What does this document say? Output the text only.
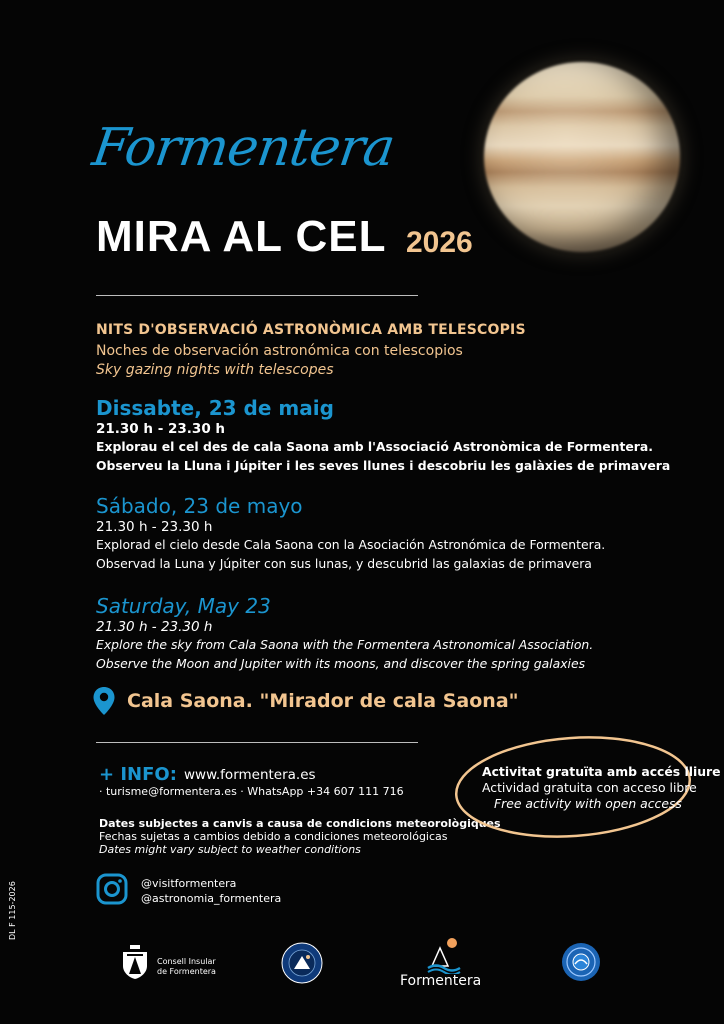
Formentera
MIRA AL CEL 2026
NITS D'OBSERVACIÓ ASTRONÒMICA AMB TELESCOPIS
Noches de observación astronómica con telescopios
Sky gazing nights with telescopes
Dissabte, 23 de maig
21.30 h - 23.30 h
Explorau el cel des de cala Saona amb l'Associació Astronòmica de Formentera.
Observeu la Lluna i Júpiter i les seves llunes i descobriu les galàxies de primavera
Sábado, 23 de mayo
21.30 h - 23.30 h
Explorad el cielo desde Cala Saona con la Asociación Astronómica de Formentera.
Observad la Luna y Júpiter con sus lunas, y descubrid las galaxias de primavera
Saturday, May 23
21.30 h - 23.30 h
Explore the sky from Cala Saona with the Formentera Astronomical Association.
Observe the Moon and Jupiter with its moons, and discover the spring galaxies
Cala Saona. "Mirador de cala Saona"
+ INFO: www.formentera.es
· turisme@formentera.es · WhatsApp +34 607 111 716
Dates subjectes a canvis a causa de condicions meteorològiques
Fechas sujetas a cambios debido a condiciones meteorológicas
Dates might vary subject to weather conditions
@visitformentera
@astronomia_formentera
Activitat gratuïta amb accés lliure
Actividad gratuita con acceso libre
Free activity with open access
DL F 115-2026
Consell Insular
de Formentera
Formentera
